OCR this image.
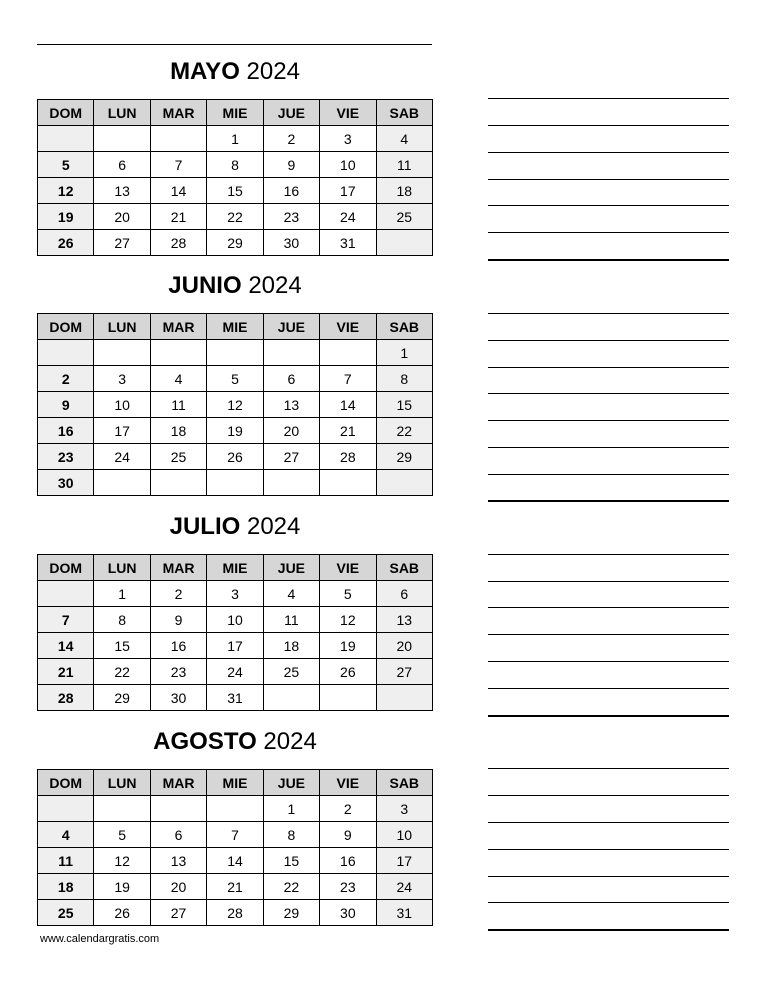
MAYO 2024
DOM	LUN	MAR	MIE	JUE	VIE	SAB
			1	2	3	4
5	6	7	8	9	10	11
12	13	14	15	16	17	18
19	20	21	22	23	24	25
26	27	28	29	30	31	
JUNIO 2024
DOM	LUN	MAR	MIE	JUE	VIE	SAB
						1
2	3	4	5	6	7	8
9	10	11	12	13	14	15
16	17	18	19	20	21	22
23	24	25	26	27	28	29
30						
JULIO 2024
DOM	LUN	MAR	MIE	JUE	VIE	SAB
	1	2	3	4	5	6
7	8	9	10	11	12	13
14	15	16	17	18	19	20
21	22	23	24	25	26	27
28	29	30	31			
AGOSTO 2024
DOM	LUN	MAR	MIE	JUE	VIE	SAB
				1	2	3
4	5	6	7	8	9	10
11	12	13	14	15	16	17
18	19	20	21	22	23	24
25	26	27	28	29	30	31
www.calendargratis.com
